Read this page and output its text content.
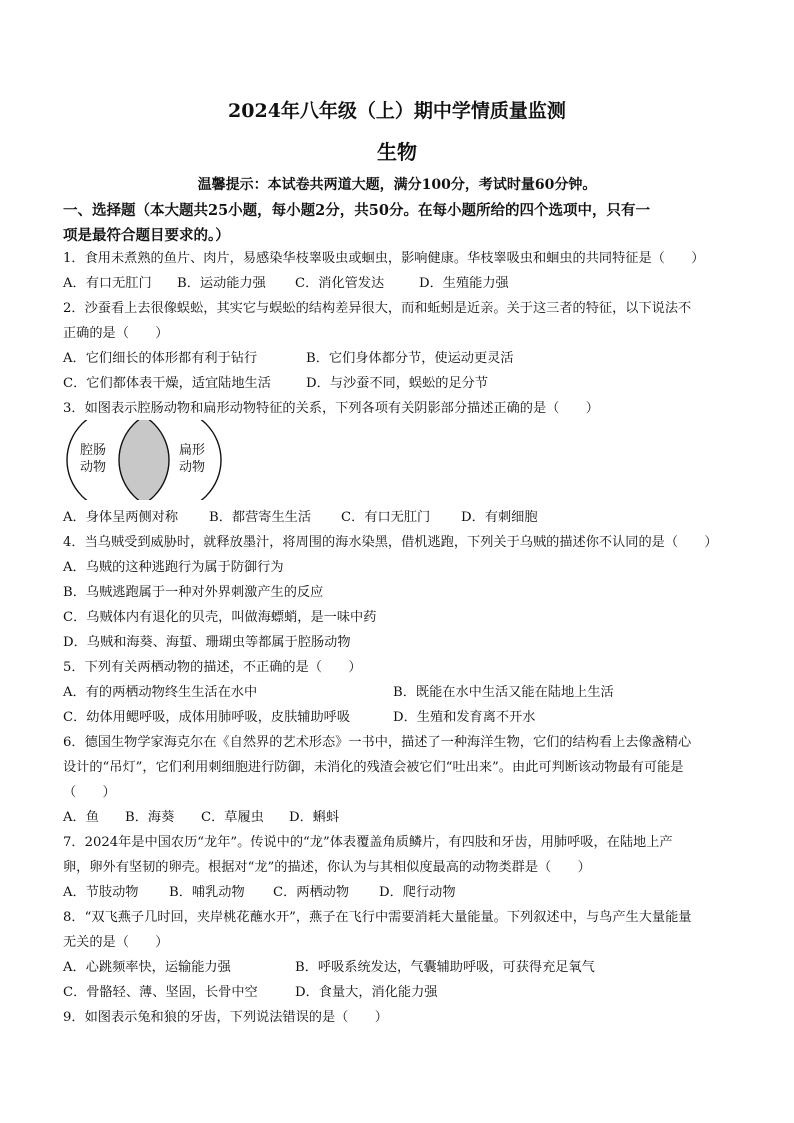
2024年八年级（上）期中学情质量监测
生物
温馨提示：本试卷共两道大题，满分100分，考试时量60分钟。
一、选择题（本大题共25小题，每小题2分，共50分。在每小题所给的四个选项中，只有一
项是最符合题目要求的。）
1．食用未煮熟的鱼片、肉片，易感染华枝睾吸虫或蛔虫，影响健康。华枝睾吸虫和蛔虫的共同特征是（　　）
A．有口无肛门 B．运动能力强 C．消化管发达	D．生殖能力强
2．沙蚕看上去很像蜈蚣，其实它与蜈蚣的结构差异很大，而和蚯蚓是近亲。关于这三者的特征，以下说法不
正确的是（　　）
A．它们细长的体形都有利于钻行	B．它们身体都分节，使运动更灵活
C．它们都体表干燥，适宜陆地生活	D．与沙蚕不同，蜈蚣的足分节
3．如图表示腔肠动物和扁形动物特征的关系，下列各项有关阴影部分描述正确的是（　　）
腔肠
动物
扁形
动物
A．身体呈两侧对称 B．都营寄生生活 C．有口无肛门 D．有刺细胞
4．当乌贼受到威胁时，就释放墨汁，将周围的海水染黑，借机逃跑，下列关于乌贼的描述你不认同的是（　　）
A．乌贼的这种逃跑行为属于防御行为
B．乌贼逃跑属于一种对外界刺激产生的反应
C．乌贼体内有退化的贝壳，叫做海螵蛸，是一味中药
D．乌贼和海葵、海蜇、珊瑚虫等都属于腔肠动物
5．下列有关两栖动物的描述，不正确的是（　　）
A．有的两栖动物终生生活在水中	B．既能在水中生活又能在陆地上生活
C．幼体用鳃呼吸，成体用肺呼吸，皮肤辅助呼吸	D．生殖和发育离不开水
6．德国生物学家海克尔在《自然界的艺术形态》一书中，描述了一种海洋生物，它们的结构看上去像盏精心
设计的“吊灯”，它们利用刺细胞进行防御，未消化的残渣会被它们“吐出来”。由此可判断该动物最有可能是
（　　）
A．鱼 B．海葵 C．草履虫 D．蝌蚪
7．2024年是中国农历“龙年”。传说中的“龙”体表覆盖角质鳞片，有四肢和牙齿，用肺呼吸，在陆地上产
卵，卵外有坚韧的卵壳。根据对“龙”的描述，你认为与其相似度最高的动物类群是（　　）
A．节肢动物 B．哺乳动物 C．两栖动物 D．爬行动物
8．“双飞燕子几时回，夹岸桃花蘸水开”，燕子在飞行中需要消耗大量能量。下列叙述中，与鸟产生大量能量
无关的是（　　）
A．心跳频率快，运输能力强	B．呼吸系统发达，气囊辅助呼吸，可获得充足氧气
C．骨骼轻、薄、坚固，长骨中空	D．食量大，消化能力强
9．如图表示兔和狼的牙齿，下列说法错误的是（　　）
